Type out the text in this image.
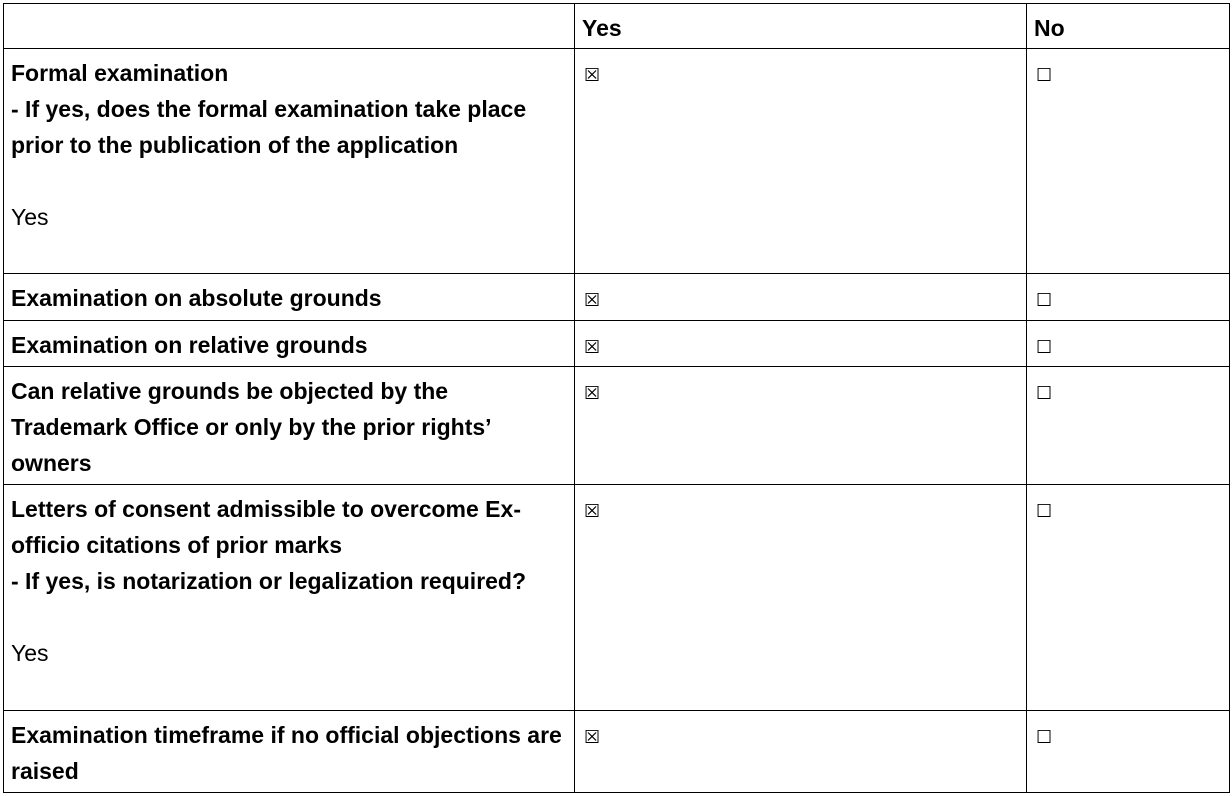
	Yes	No

Formal examination
- If yes, does the formal examination take place prior to the publication of the application
Yes	☒	☐

Examination on absolute grounds	☒	☐

Examination on relative grounds	☒	☐

Can relative grounds be objected by the Trademark Office or only by the prior rights’ owners	☒	☐

Letters of consent admissible to overcome Ex-officio citations of prior marks
- If yes, is notarization or legalization required?
Yes	☒	☐

Examination timeframe if no official objections are raised	☒	☐
